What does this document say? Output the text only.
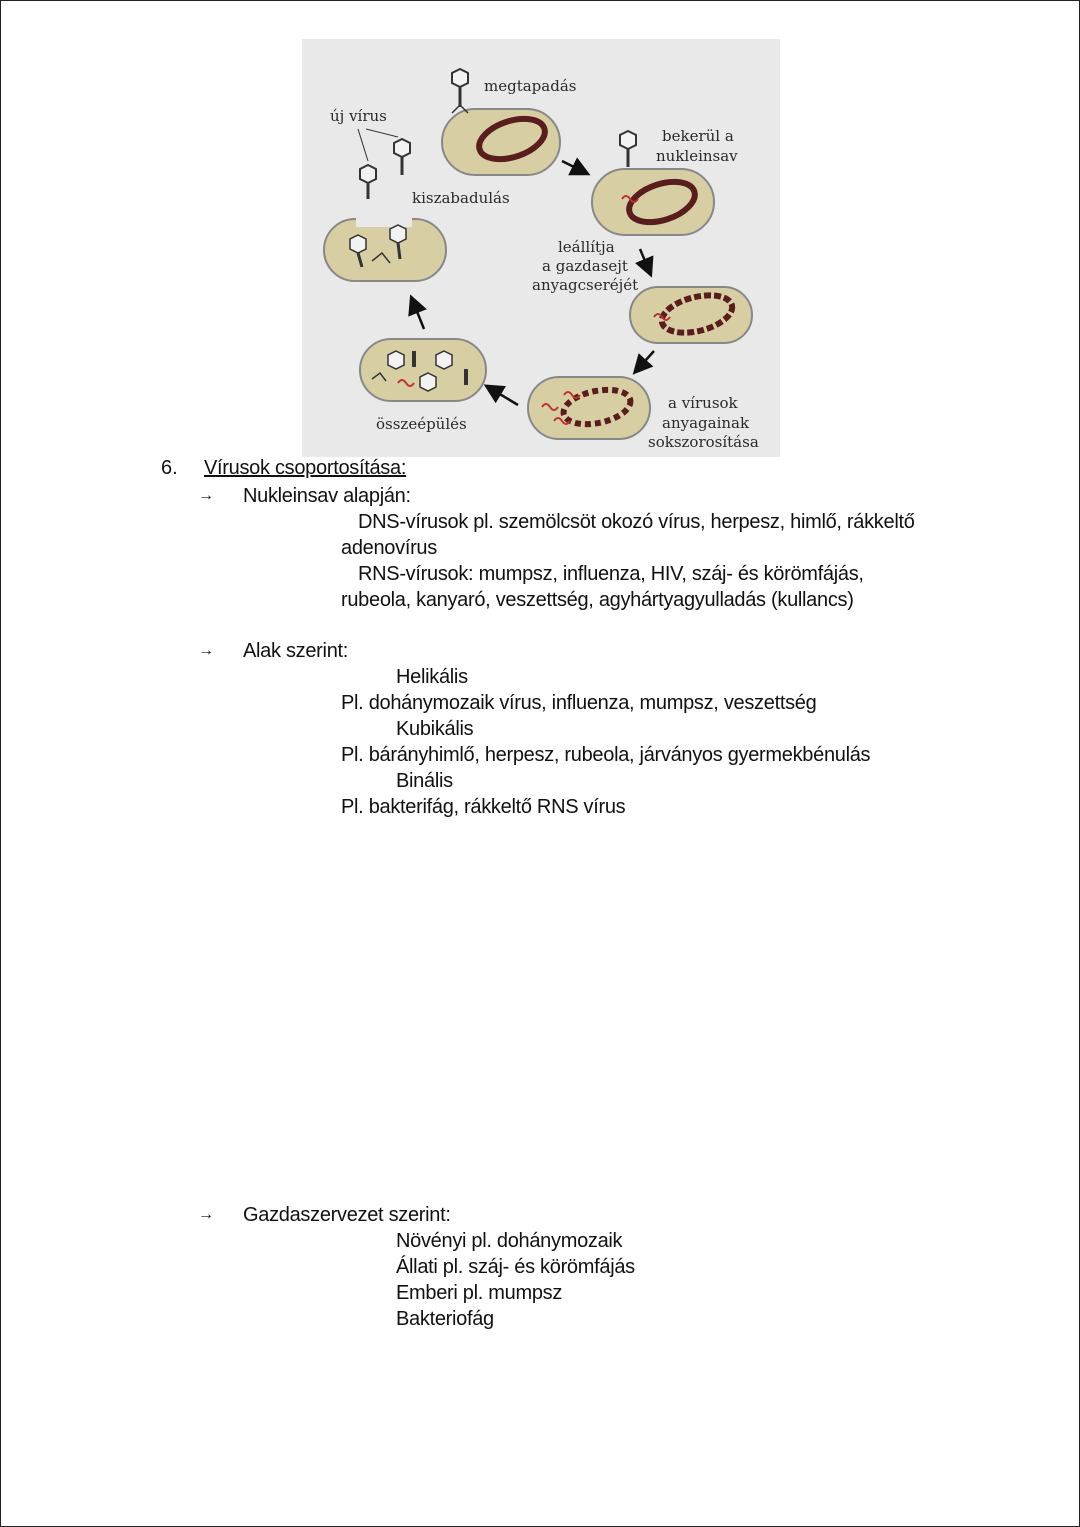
új vírus
megtapadás
bekerül a
nukleinsav
kiszabadulás
leállítja
a gazdasejt
anyagcseréjét
összeépülés
a vírusok
anyagainak
sokszorosítása
6. Vírusok csoportosítása:
→ Nukleinsav alapján:
DNS-vírusok pl. szemölcsöt okozó vírus, herpesz, himlő, rákkeltő
adenovírus
RNS-vírusok: mumpsz, influenza, HIV, száj- és körömfájás,
rubeola, kanyaró, veszettség, agyhártyagyulladás (kullancs)
→ Alak szerint:
Helikális
Pl. dohánymozaik vírus, influenza, mumpsz, veszettség
Kubikális
Pl. bárányhimlő, herpesz, rubeola, járványos gyermekbénulás
Binális
Pl. bakterifág, rákkeltő RNS vírus
→ Gazdaszervezet szerint:
Növényi pl. dohánymozaik
Állati pl. száj- és körömfájás
Emberi pl. mumpsz
Bakteriofág
